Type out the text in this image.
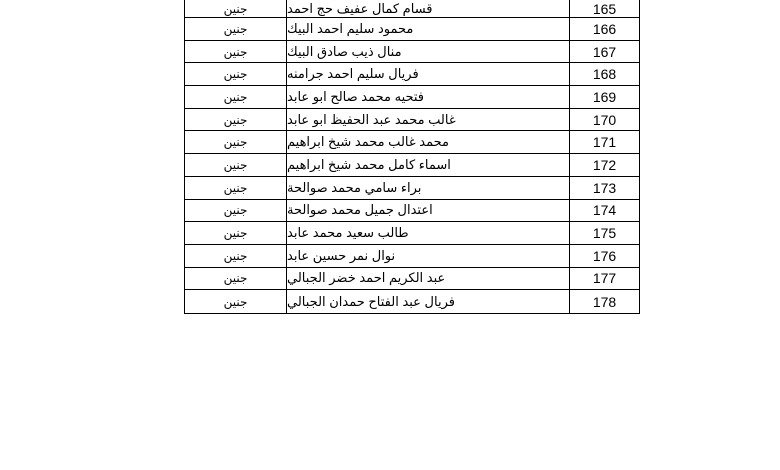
جنين	قسام كمال عفيف حج احمد	165
جنين	محمود سليم احمد البيك	166
جنين	منال ذيب صادق البيك	167
جنين	فريال سليم احمد جرامنه	168
جنين	فتحيه محمد صالح ابو عابد	169
جنين	غالب محمد عبد الحفيظ ابو عابد	170
جنين	محمد غالب محمد شيخ ابراهيم	171
جنين	اسماء كامل محمد شيخ ابراهيم	172
جنين	براء سامي محمد صوالحة	173
جنين	اعتدال جميل محمد صوالحة	174
جنين	طالب سعيد محمد عابد	175
جنين	نوال نمر حسين عابد	176
جنين	عبد الكريم احمد خضر الجبالي	177
جنين	فريال عبد الفتاح حمدان الجبالي	178
